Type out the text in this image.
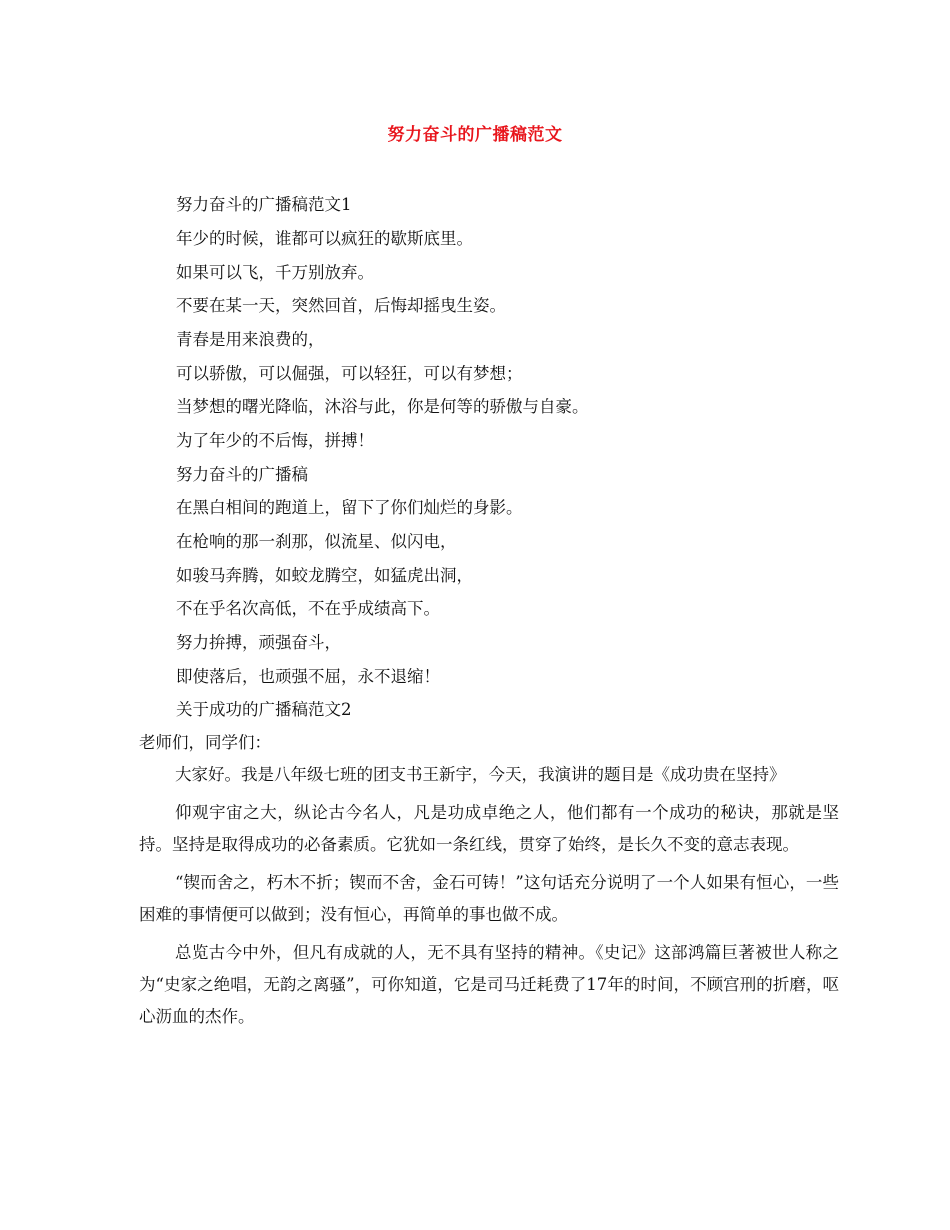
努力奋斗的广播稿范文
努力奋斗的广播稿范文1
年少的时候，谁都可以疯狂的歇斯底里。
如果可以飞，千万别放弃。
不要在某一天，突然回首，后悔却摇曳生姿。
青春是用来浪费的，
可以骄傲，可以倔强，可以轻狂，可以有梦想；
当梦想的曙光降临，沐浴与此，你是何等的骄傲与自豪。
为了年少的不后悔，拼搏！
努力奋斗的广播稿
在黑白相间的跑道上，留下了你们灿烂的身影。
在枪响的那一刹那，似流星、似闪电，
如骏马奔腾，如蛟龙腾空，如猛虎出洞，
不在乎名次高低，不在乎成绩高下。
努力拚搏，顽强奋斗，
即使落后，也顽强不屈，永不退缩！
关于成功的广播稿范文2

老师们，同学们：

大家好。我是八年级七班的团支书王新宇，今天，我演讲的题目是《成功贵在坚持》

仰观宇宙之大，纵论古今名人，凡是功成卓绝之人，他们都有一个成功的秘诀，那就是坚持。坚持是取得成功的必备素质。它犹如一条红线，贯穿了始终，是长久不变的意志表现。

“锲而舍之，朽木不折；锲而不舍，金石可铸！”这句话充分说明了一个人如果有恒心，一些困难的事情便可以做到；没有恒心，再简单的事也做不成。

总览古今中外，但凡有成就的人，无不具有坚持的精神。《史记》这部鸿篇巨著被世人称之为“史家之绝唱，无韵之离骚”，可你知道，它是司马迁耗费了17年的时间，不顾宫刑的折磨，呕心沥血的杰作。
